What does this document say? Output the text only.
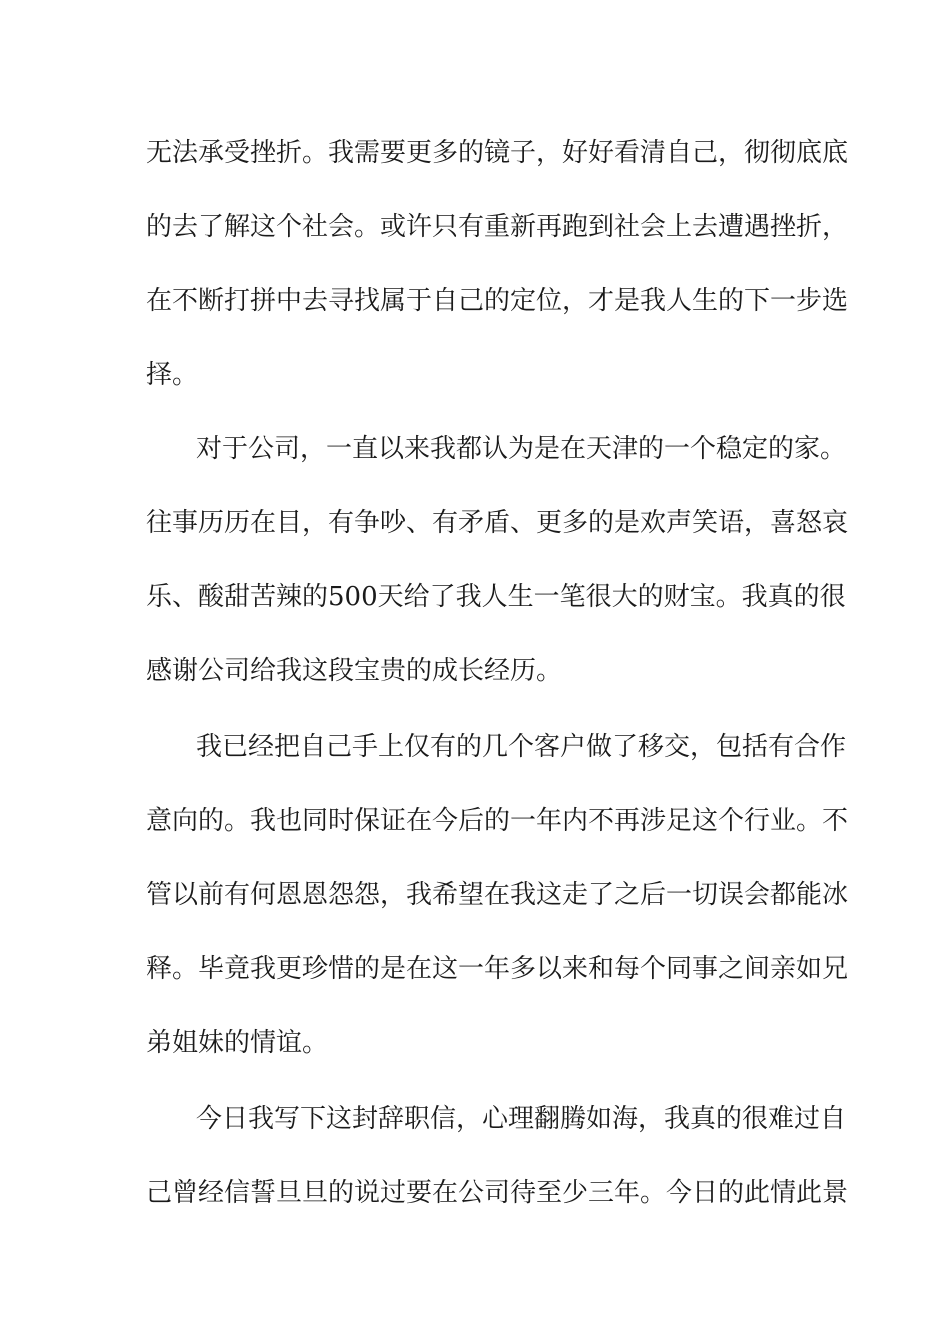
无法承受挫折。我需要更多的镜子，好好看清自己，彻彻底底
的去了解这个社会。或许只有重新再跑到社会上去遭遇挫折，
在不断打拼中去寻找属于自己的定位，才是我人生的下一步选
择。
对于公司，一直以来我都认为是在天津的一个稳定的家。
往事历历在目，有争吵、有矛盾、更多的是欢声笑语，喜怒哀
乐、酸甜苦辣的500天给了我人生一笔很大的财宝。我真的很
感谢公司给我这段宝贵的成长经历。
我已经把自己手上仅有的几个客户做了移交，包括有合作
意向的。我也同时保证在今后的一年内不再涉足这个行业。不
管以前有何恩恩怨怨，我希望在我这走了之后一切误会都能冰
释。毕竟我更珍惜的是在这一年多以来和每个同事之间亲如兄
弟姐妹的情谊。
今日我写下这封辞职信，心理翻腾如海，我真的很难过自
己曾经信誓旦旦的说过要在公司待至少三年。今日的此情此景
